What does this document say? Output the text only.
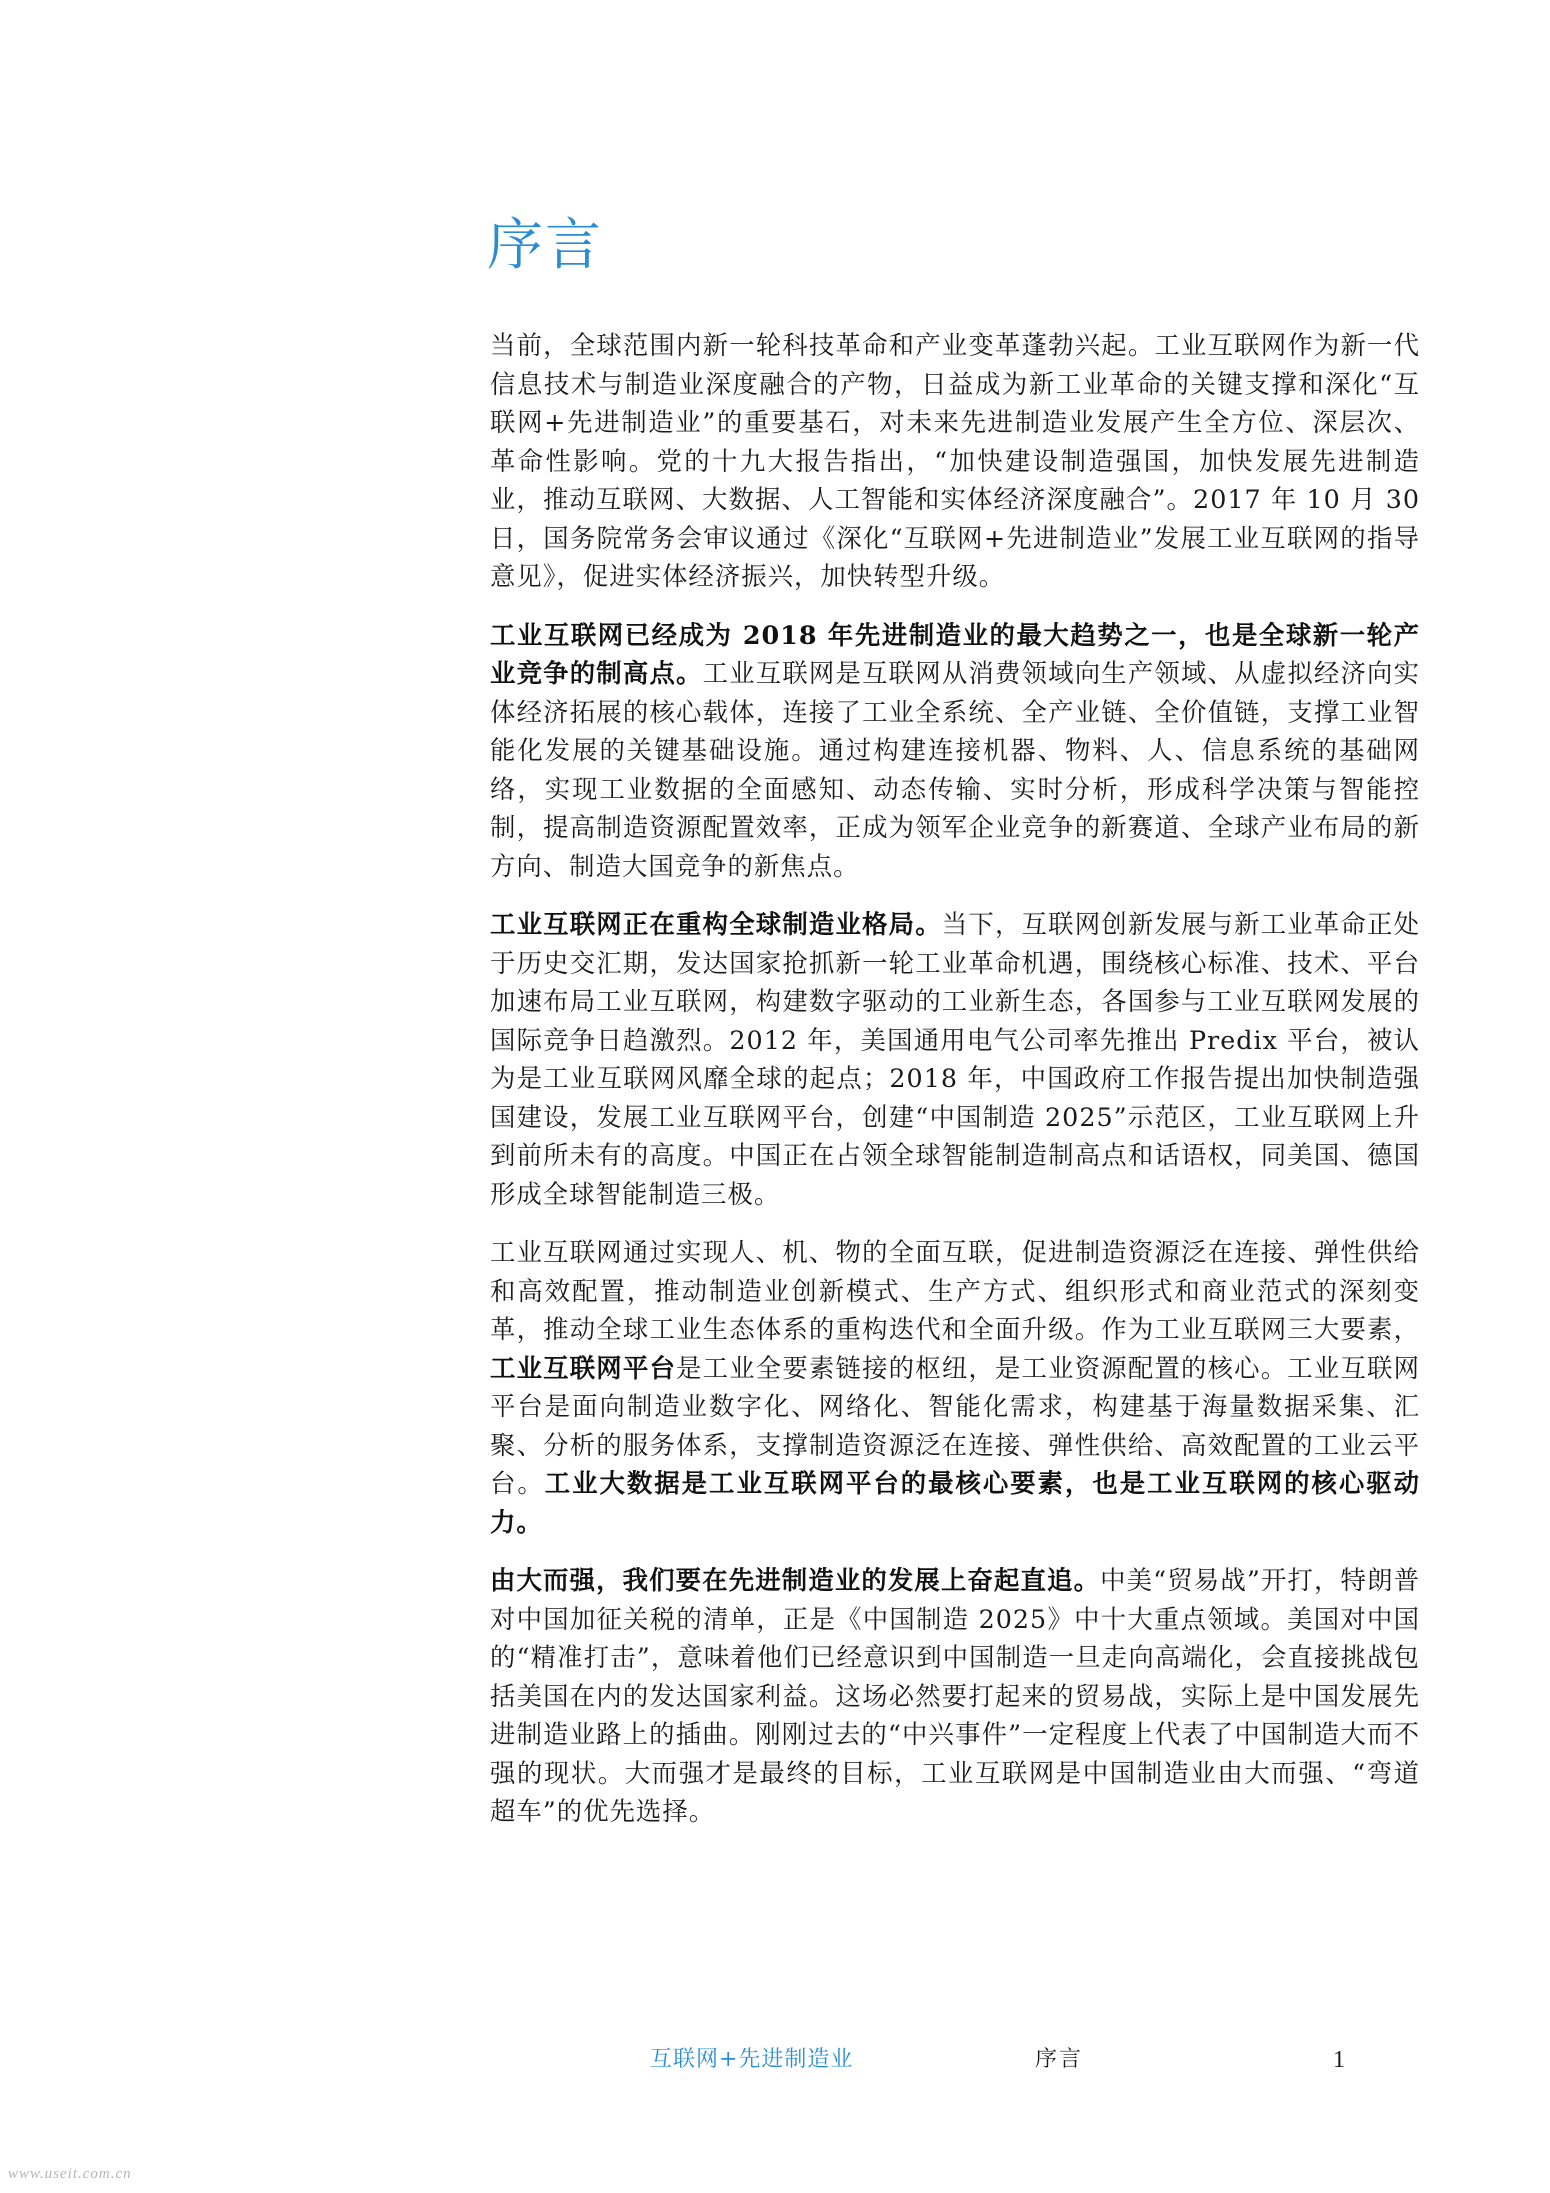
序言

当前，全球范围内新一轮科技革命和产业变革蓬勃兴起。工业互联网作为新一代信息技术与制造业深度融合的产物，日益成为新工业革命的关键支撑和深化“互联网+先进制造业”的重要基石，对未来先进制造业发展产生全方位、深层次、革命性影响。党的十九大报告指出，“加快建设制造强国，加快发展先进制造业，推动互联网、大数据、人工智能和实体经济深度融合”。2017 年 10 月 30 日，国务院常务会审议通过《深化“互联网+先进制造业”发展工业互联网的指导意见》，促进实体经济振兴，加快转型升级。

工业互联网已经成为 2018 年先进制造业的最大趋势之一，也是全球新一轮产业竞争的制高点。工业互联网是互联网从消费领域向生产领域、从虚拟经济向实体经济拓展的核心载体，连接了工业全系统、全产业链、全价值链，支撑工业智能化发展的关键基础设施。通过构建连接机器、物料、人、信息系统的基础网络，实现工业数据的全面感知、动态传输、实时分析，形成科学决策与智能控制，提高制造资源配置效率，正成为领军企业竞争的新赛道、全球产业布局的新方向、制造大国竞争的新焦点。

工业互联网正在重构全球制造业格局。当下，互联网创新发展与新工业革命正处于历史交汇期，发达国家抢抓新一轮工业革命机遇，围绕核心标准、技术、平台加速布局工业互联网，构建数字驱动的工业新生态，各国参与工业互联网发展的国际竞争日趋激烈。2012 年，美国通用电气公司率先推出 Predix 平台，被认为是工业互联网风靡全球的起点；2018 年，中国政府工作报告提出加快制造强国建设，发展工业互联网平台，创建“中国制造 2025”示范区，工业互联网上升到前所未有的高度。中国正在占领全球智能制造制高点和话语权，同美国、德国形成全球智能制造三极。

工业互联网通过实现人、机、物的全面互联，促进制造资源泛在连接、弹性供给和高效配置，推动制造业创新模式、生产方式、组织形式和商业范式的深刻变革，推动全球工业生态体系的重构迭代和全面升级。作为工业互联网三大要素，工业互联网平台是工业全要素链接的枢纽，是工业资源配置的核心。工业互联网平台是面向制造业数字化、网络化、智能化需求，构建基于海量数据采集、汇聚、分析的服务体系，支撑制造资源泛在连接、弹性供给、高效配置的工业云平台。工业大数据是工业互联网平台的最核心要素，也是工业互联网的核心驱动力。

由大而强，我们要在先进制造业的发展上奋起直追。中美“贸易战”开打，特朗普对中国加征关税的清单，正是《中国制造 2025》中十大重点领域。美国对中国的“精准打击”，意味着他们已经意识到中国制造一旦走向高端化，会直接挑战包括美国在内的发达国家利益。这场必然要打起来的贸易战，实际上是中国发展先进制造业路上的插曲。刚刚过去的“中兴事件”一定程度上代表了中国制造大而不强的现状。大而强才是最终的目标，工业互联网是中国制造业由大而强、“弯道超车”的优先选择。

互联网+先进制造业	序言	1
www.useit.com.cn
